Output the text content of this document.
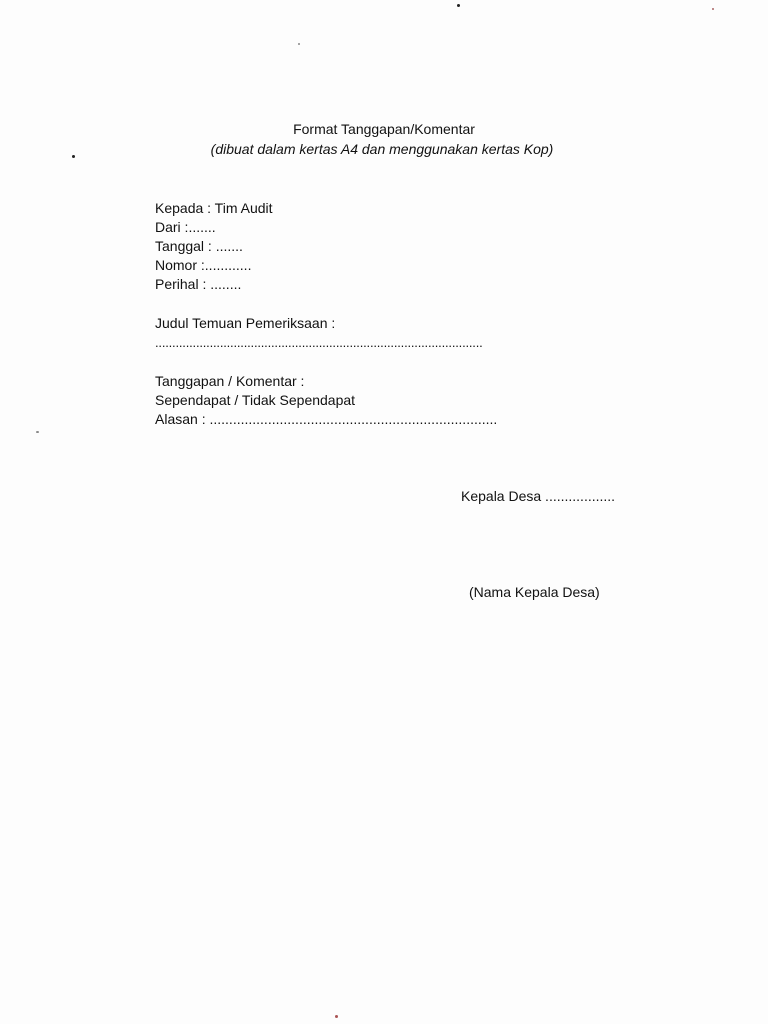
Format Tanggapan/Komentar
(dibuat dalam kertas A4 dan menggunakan kertas Kop)
Kepada : Tim Audit
Dari :.......
Tanggal : .......
Nomor :............
Perihal : ........
Judul Temuan Pemeriksaan :
................................................................................................
Tanggapan / Komentar :
Sependapat / Tidak Sependapat
Alasan : ..........................................................................
Kepala Desa ..................
(Nama Kepala Desa)
